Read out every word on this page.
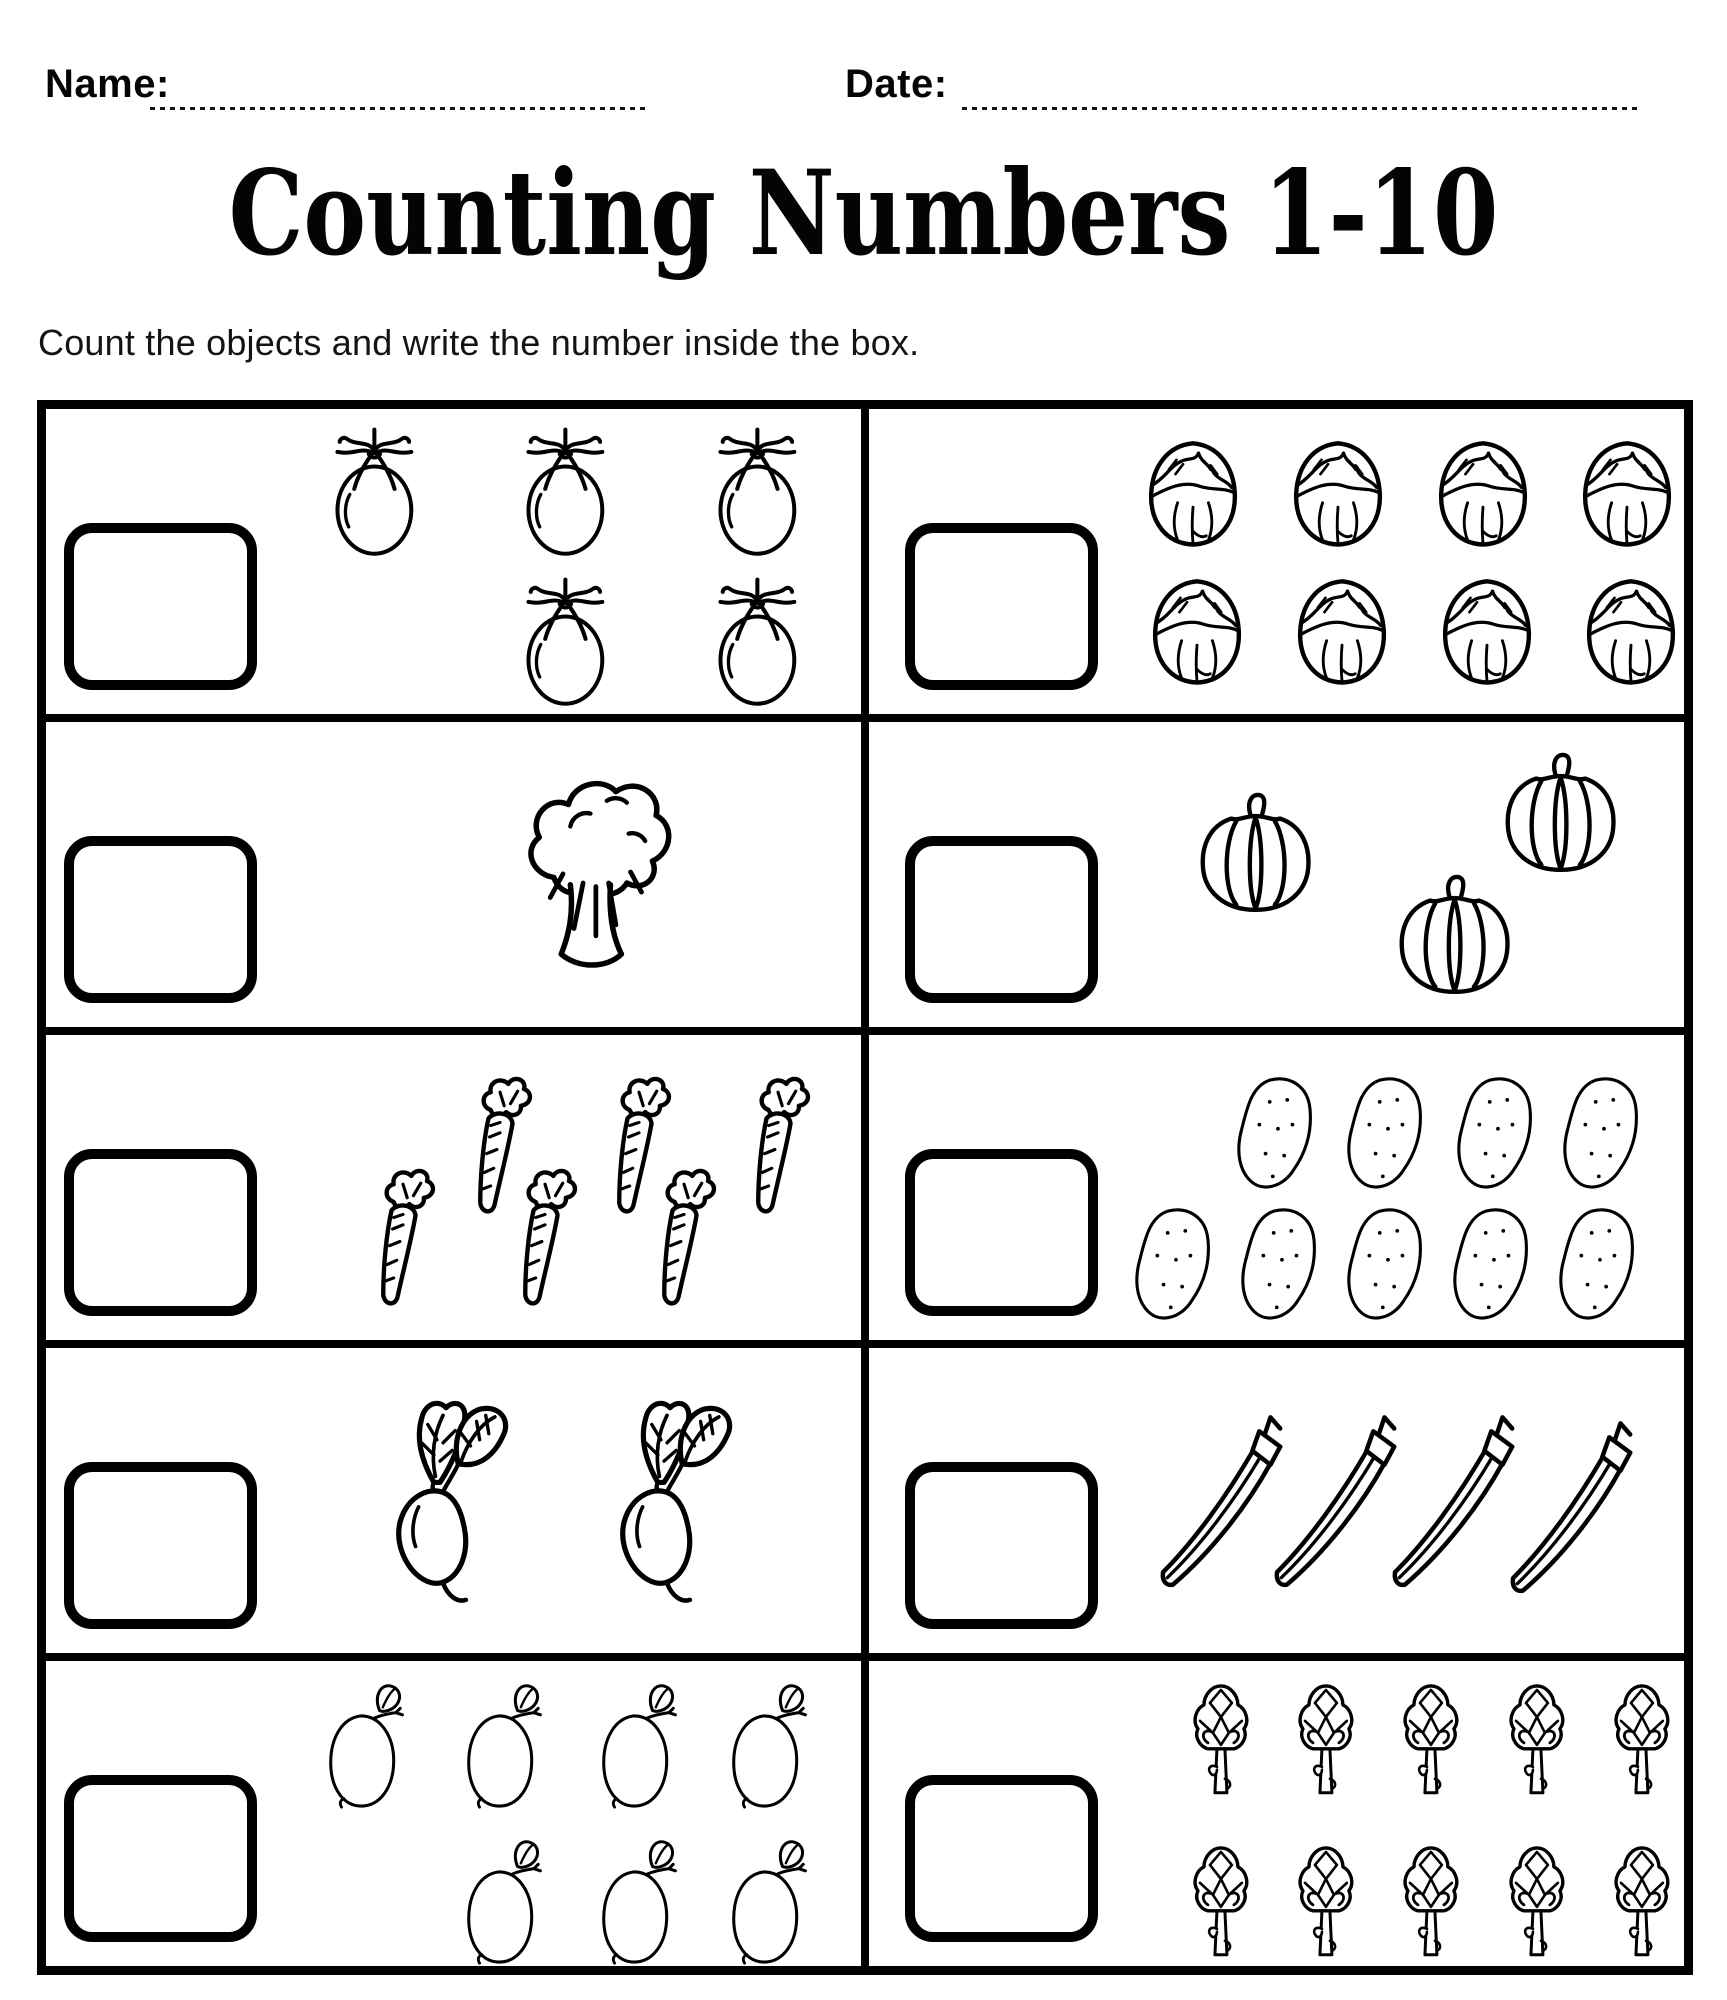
Name:	Date:
Counting Numbers 1-10
Count the objects and write the number inside the box.
